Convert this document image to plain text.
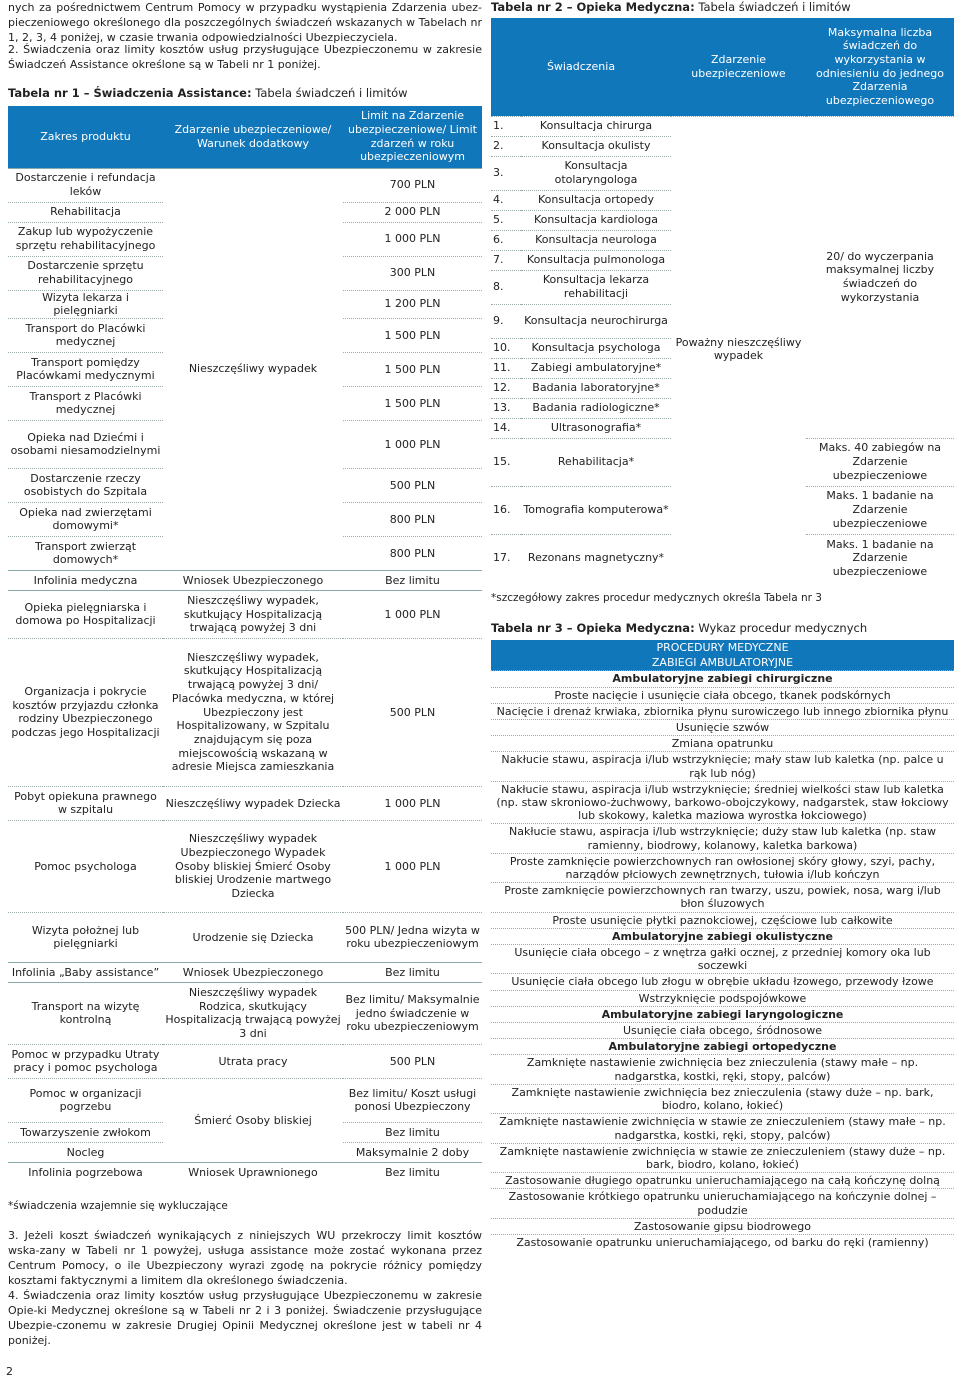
nych za pośrednictwem Centrum Pomocy w przypadku wystąpienia Zdarzenia ubez-pieczeniowego określonego dla poszczególnych świadczeń wskazanych w Tabelach nr 1, 2, 3, 4 poniżej, w czasie trwania odpowiedzialności Ubezpieczyciela.
2. Świadczenia oraz limity kosztów usług przysługujące Ubezpieczonemu w zakresie Świadczeń Assistance określone są w Tabeli nr 1 poniżej.
Tabela nr 1 – Świadczenia Assistance: Tabela świadczeń i limitów
Zakres produktu	Zdarzenie ubezpieczeniowe/ Warunek dodatkowy	Limit na Zdarzenie ubezpieczeniowe/ Limit zdarzeń w roku ubezpieczeniowym
Dostarczenie i refundacja leków	Nieszczęśliwy wypadek	700 PLN
Rehabilitacja		2 000 PLN
Zakup lub wypożyczenie sprzętu rehabilitacyjnego		1 000 PLN
Dostarczenie sprzętu rehabilitacyjnego		300 PLN
Wizyta lekarza i pielęgniarki		1 200 PLN
Transport do Placówki medycznej		1 500 PLN
Transport pomiędzy Placówkami medycznymi		1 500 PLN
Transport z Placówki medycznej		1 500 PLN
Opieka nad Dziećmi i osobami niesamodzielnymi		1 000 PLN
Dostarczenie rzeczy osobistych do Szpitala		500 PLN
Opieka nad zwierzętami domowymi*		800 PLN
Transport zwierząt domowych*		800 PLN
Infolinia medyczna	Wniosek Ubezpieczonego	Bez limitu
Opieka pielęgniarska i domowa po Hospitalizacji	Nieszczęśliwy wypadek, skutkujący Hospitalizacją trwającą powyżej 3 dni	1 000 PLN
Organizacja i pokrycie kosztów przyjazdu członka rodziny Ubezpieczonego podczas jego Hospitalizacji	Nieszczęśliwy wypadek, skutkujący Hospitalizacją trwającą powyżej 3 dni/ Placówka medyczna, w której Ubezpieczony jest Hospitalizowany, w Szpitalu znajdującym się poza miejscowością wskazaną w adresie Miejsca zamieszkania	500 PLN
Pobyt opiekuna prawnego w szpitalu	Nieszczęśliwy wypadek Dziecka	1 000 PLN
Pomoc psychologa	Nieszczęśliwy wypadek Ubezpieczonego Wypadek Osoby bliskiej Śmierć Osoby bliskiej Urodzenie martwego Dziecka	1 000 PLN
Wizyta położnej lub pielęgniarki	Urodzenie się Dziecka	500 PLN/ Jedna wizyta w roku ubezpieczeniowym
Infolinia „Baby assistance”	Wniosek Ubezpieczonego	Bez limitu
Transport na wizytę kontrolną	Nieszczęśliwy wypadek Rodzica, skutkujący Hospitalizacją trwającą powyżej 3 dni	Bez limitu/ Maksymalnie jedno świadczenie w roku ubezpieczeniowym
Pomoc w przypadku Utraty pracy i pomoc psychologa	Utrata pracy	500 PLN
Pomoc w organizacji pogrzebu	Śmierć Osoby bliskiej	Bez limitu/ Koszt usługi ponosi Ubezpieczony
Towarzyszenie zwłokom		Bez limitu
Nocleg		Maksymalnie 2 doby
Infolinia pogrzebowa	Wniosek Uprawnionego	Bez limitu
*świadczenia wzajemnie się wykluczające
3. Jeżeli koszt świadczeń wynikających z niniejszych WU przekroczy limit kosztów wska-zany w Tabeli nr 1 powyżej, usługa assistance może zostać wykonana przez Centrum Pomocy, o ile Ubezpieczony wyrazi zgodę na pokrycie różnicy pomiędzy kosztami faktycznymi a limitem dla określonego świadczenia.
4. Świadczenia oraz limity kosztów usług przysługujące Ubezpieczonemu w zakresie Opie-ki Medycznej określone są w Tabeli nr 2 i 3 poniżej. Świadczenie przysługujące Ubezpie-czonemu w zakresie Drugiej Opinii Medycznej określone jest w tabeli nr 4 poniżej.
2
Tabela nr 2 – Opieka Medyczna: Tabela świadczeń i limitów
Świadczenia		Zdarzenie ubezpieczeniowe	Maksymalna liczba świadczeń do wykorzystania w odniesieniu do jednego Zdarzenia ubezpieczeniowego
1.	Konsultacja chirurga	Poważny nieszczęśliwy wypadek	20/ do wyczerpania maksymalnej liczby świadczeń do wykorzystania
2.	Konsultacja okulisty		
3.	Konsultacja otolaryngologa		
4.	Konsultacja ortopedy		
5.	Konsultacja kardiologa		
6.	Konsultacja neurologa		
7.	Konsultacja pulmonologa		
8.	Konsultacja lekarza rehabilitacji		
9.	Konsultacja neurochirurga		
10.	Konsultacja psychologa		
11.	Zabiegi ambulatoryjne*		
12.	Badania laboratoryjne*		
13.	Badania radiologiczne*		
14.	Ultrasonografia*		
15.	Rehabilitacja*		Maks. 40 zabiegów na Zdarzenie ubezpieczeniowe
16.	Tomografia komputerowa*		Maks. 1 badanie na Zdarzenie ubezpieczeniowe
17.	Rezonans magnetyczny*		Maks. 1 badanie na Zdarzenie ubezpieczeniowe
*szczegółowy zakres procedur medycznych określa Tabela nr 3
Tabela nr 3 – Opieka Medyczna: Wykaz procedur medycznych
PROCEDURY MEDYCZNE
ZABIEGI AMBULATORYJNE
Ambulatoryjne zabiegi chirurgiczne
Proste nacięcie i usunięcie ciała obcego, tkanek podskórnych
Nacięcie i drenaż krwiaka, zbiornika płynu surowiczego lub innego zbiornika płynu
Usunięcie szwów
Zmiana opatrunku
Nakłucie stawu, aspiracja i/lub wstrzyknięcie; mały staw lub kaletka (np. palce u rąk lub nóg)
Nakłucie stawu, aspiracja i/lub wstrzyknięcie; średniej wielkości staw lub kaletka (np. staw skroniowo-żuchwowy, barkowo-obojczykowy, nadgarstek, staw łokciowy lub skokowy, kaletka maziowa wyrostka łokciowego)
Nakłucie stawu, aspiracja i/lub wstrzyknięcie; duży staw lub kaletka (np. staw ramienny, biodrowy, kolanowy, kaletka barkowa)
Proste zamknięcie powierzchownych ran owłosionej skóry głowy, szyi, pachy, narządów płciowych zewnętrznych, tułowia i/lub kończyn
Proste zamknięcie powierzchownych ran twarzy, uszu, powiek, nosa, warg i/lub błon śluzowych
Proste usunięcie płytki paznokciowej, częściowe lub całkowite
Ambulatoryjne zabiegi okulistyczne
Usunięcie ciała obcego – z wnętrza gałki ocznej, z przedniej komory oka lub soczewki
Usunięcie ciała obcego lub złogu w obrębie układu łzowego, przewody łzowe
Wstrzyknięcie podspojówkowe
Ambulatoryjne zabiegi laryngologiczne
Usunięcie ciała obcego, śródnosowe
Ambulatoryjne zabiegi ortopedyczne
Zamknięte nastawienie zwichnięcia bez znieczulenia (stawy małe – np. nadgarstka, kostki, ręki, stopy, palców)
Zamknięte nastawienie zwichnięcia bez znieczulenia (stawy duże – np. bark, biodro, kolano, łokieć)
Zamknięte nastawienie zwichnięcia w stawie ze znieczuleniem (stawy małe – np. nadgarstka, kostki, ręki, stopy, palców)
Zamknięte nastawienie zwichnięcia w stawie ze znieczuleniem (stawy duże – np. bark, biodro, kolano, łokieć)
Zastosowanie długiego opatrunku unieruchamiającego na całą kończynę dolną
Zastosowanie krótkiego opatrunku unieruchamiającego na kończynie dolnej – podudzie
Zastosowanie gipsu biodrowego
Zastosowanie opatrunku unieruchamiającego, od barku do ręki (ramienny)
